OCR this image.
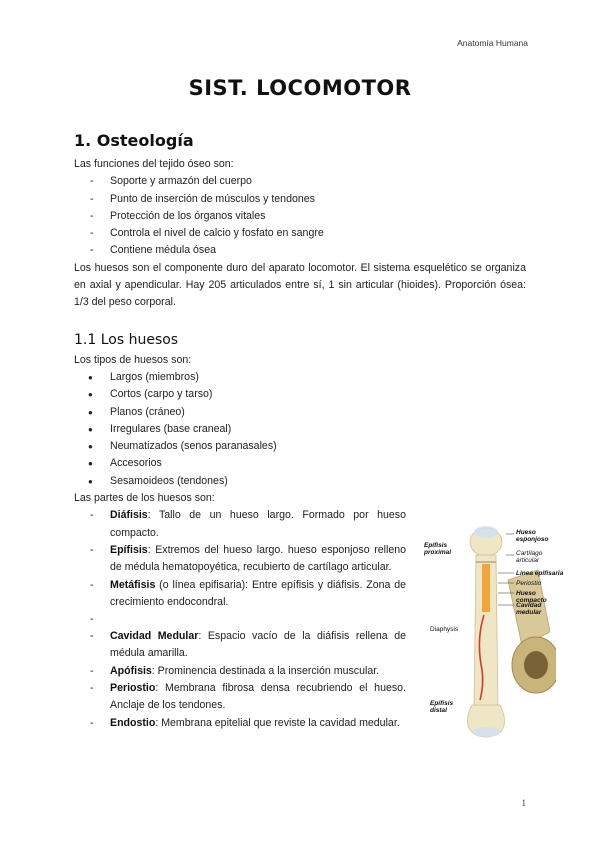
Anatomía Humana
SIST. LOCOMOTOR
1. Osteología

Las funciones del tejido óseo son:

- Soporte y armazón del cuerpo
- Punto de inserción de músculos y tendones
- Protección de los órganos vitales
- Controla el nivel de calcio y fosfato en sangre
- Contiene médula ósea

Los huesos son el componente duro del aparato locomotor. El sistema esquelético se organiza en axial y apendicular. Hay 205 articulados entre sí, 1 sin articular (hioides). Proporción ósea: 1/3 del peso corporal.

1.1 Los huesos

Los tipos de huesos son:

● Largos (miembros)
● Cortos (carpo y tarso)
● Planos (cráneo)
● Irregulares (base craneal)
● Neumatizados (senos paranasales)
● Accesorios
● Sesamoideos (tendones)

Las partes de los huesos son:

- Diáfisis: Tallo de un hueso largo. Formado por hueso compacto.
- Epífisis: Extremos del hueso largo. hueso esponjoso relleno de médula hematopoyética, recubierto de cartílago articular.
- Metáfisis (o línea epifisaria): Entre epífisis y diáfisis. Zona de crecimiento endocondral.
-
- Cavidad Medular: Espacio vacío de la diáfisis rellena de médula amarilla.
- Apófisis: Prominencia destinada a la inserción muscular.
- Periostio: Membrana fibrosa densa recubriendo el hueso. Anclaje de los tendones.
- Endostio: Membrana epitelial que reviste la cavidad medular.
Epífisis proximal
Diaphysis
Epífisis distal
Hueso esponjoso
Cartílago articular
Línea epifisaria
Periostio
Hueso compacto
Cavidad medular
1
